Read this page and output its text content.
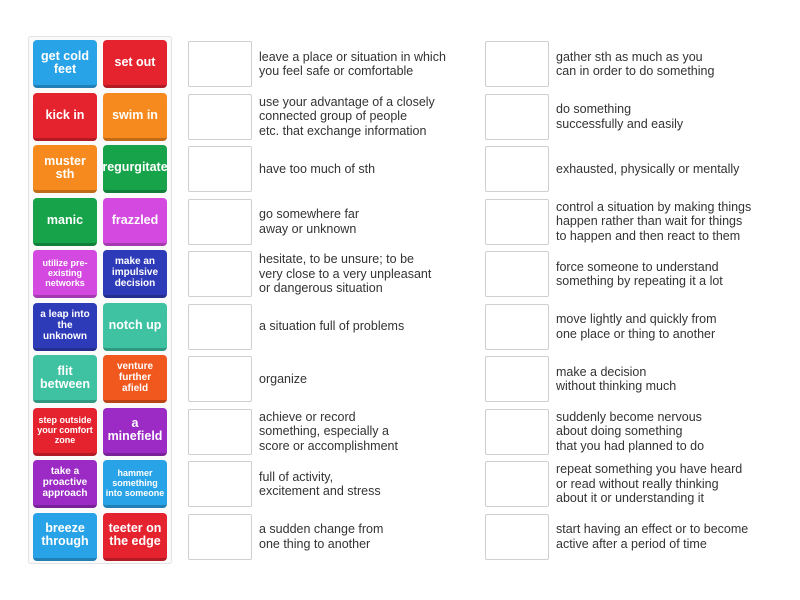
get cold feet	set out
kick in	swim in
muster sth	regurgitate
manic	frazzled
utilize pre-existing networks
make an impulsive decision
a leap into the unknown
notch up
flit between
venture further afield
step outside your comfort zone
a minefield
take a proactive approach
hammer something into someone
breeze through
teeter on the edge
leave a place or situation in which
you feel safe or comfortable
use your advantage of a closely
connected group of people
etc. that exchange information
have too much of sth
go somewhere far
away or unknown
hesitate, to be unsure; to be
very close to a very unpleasant
or dangerous situation
a situation full of problems
organize
achieve or record
something, especially a
score or accomplishment
full of activity,
excitement and stress
a sudden change from
one thing to another
gather sth as much as you
can in order to do something
do something
successfully and easily
exhausted, physically or mentally
control a situation by making things
happen rather than wait for things
to happen and then react to them
force someone to understand
something by repeating it a lot
move lightly and quickly from
one place or thing to another
make a decision
without thinking much
suddenly become nervous
about doing something
that you had planned to do
repeat something you have heard
or read without really thinking
about it or understanding it
start having an effect or to become
active after a period of time
